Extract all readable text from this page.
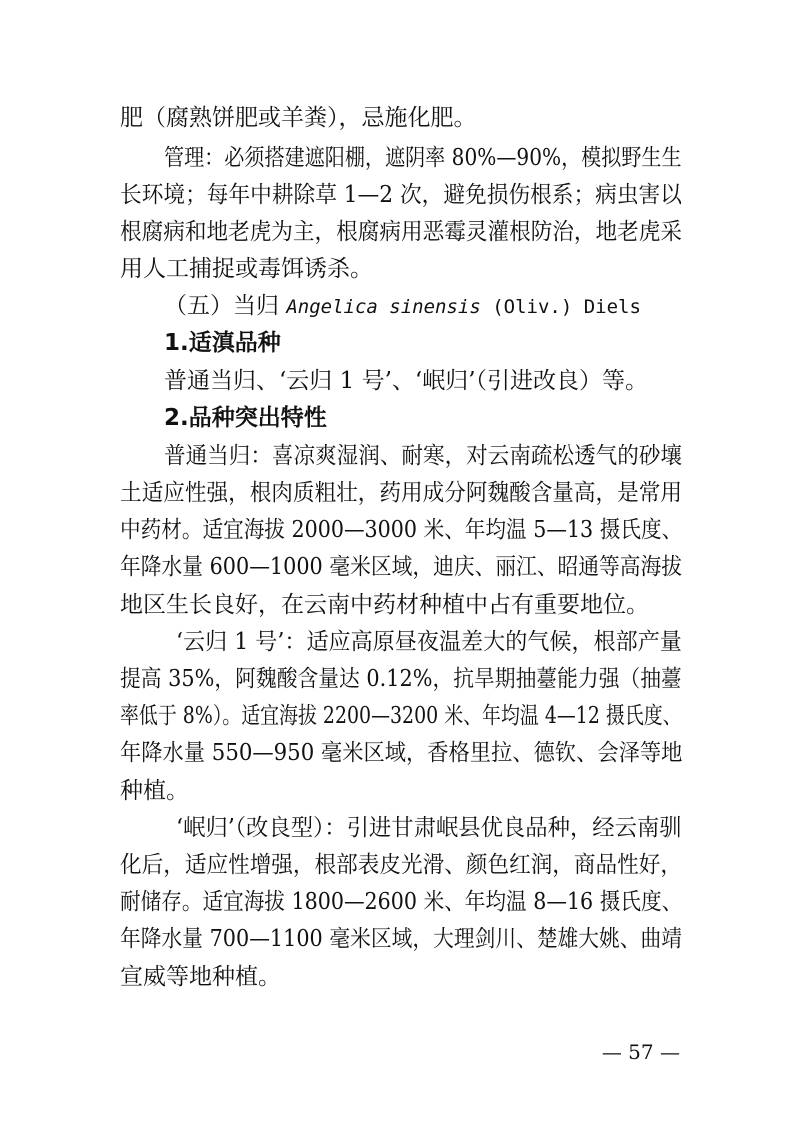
肥（腐熟饼肥或羊粪），忌施化肥。
管理：必须搭建遮阳棚，遮阴率 80%—90%，模拟野生生
长环境；每年中耕除草 1—2 次，避免损伤根系；病虫害以
根腐病和地老虎为主，根腐病用恶霉灵灌根防治，地老虎采
用人工捕捉或毒饵诱杀。
（五）当归 Angelica sinensis (Oliv.) Diels
1.适滇品种
普通当归、‘云归 1 号’、‘岷归’（引进改良）等。
2.品种突出特性
普通当归：喜凉爽湿润、耐寒，对云南疏松透气的砂壤
土适应性强，根肉质粗壮，药用成分阿魏酸含量高，是常用
中药材。适宜海拔 2000—3000 米、年均温 5—13 摄氏度、
年降水量 600—1000 毫米区域，迪庆、丽江、昭通等高海拔
地区生长良好，在云南中药材种植中占有重要地位。
‘云归 1 号’：适应高原昼夜温差大的气候，根部产量
提高 35%，阿魏酸含量达 0.12%，抗旱期抽薹能力强（抽薹
率低于 8%）。适宜海拔 2200—3200 米、年均温 4—12 摄氏度、
年降水量 550—950 毫米区域，香格里拉、德钦、会泽等地
种植。
‘岷归’（改良型）：引进甘肃岷县优良品种，经云南驯
化后，适应性增强，根部表皮光滑、颜色红润，商品性好，
耐储存。适宜海拔 1800—2600 米、年均温 8—16 摄氏度、
年降水量 700—1100 毫米区域，大理剑川、楚雄大姚、曲靖
宣威等地种植。
— 57 —
